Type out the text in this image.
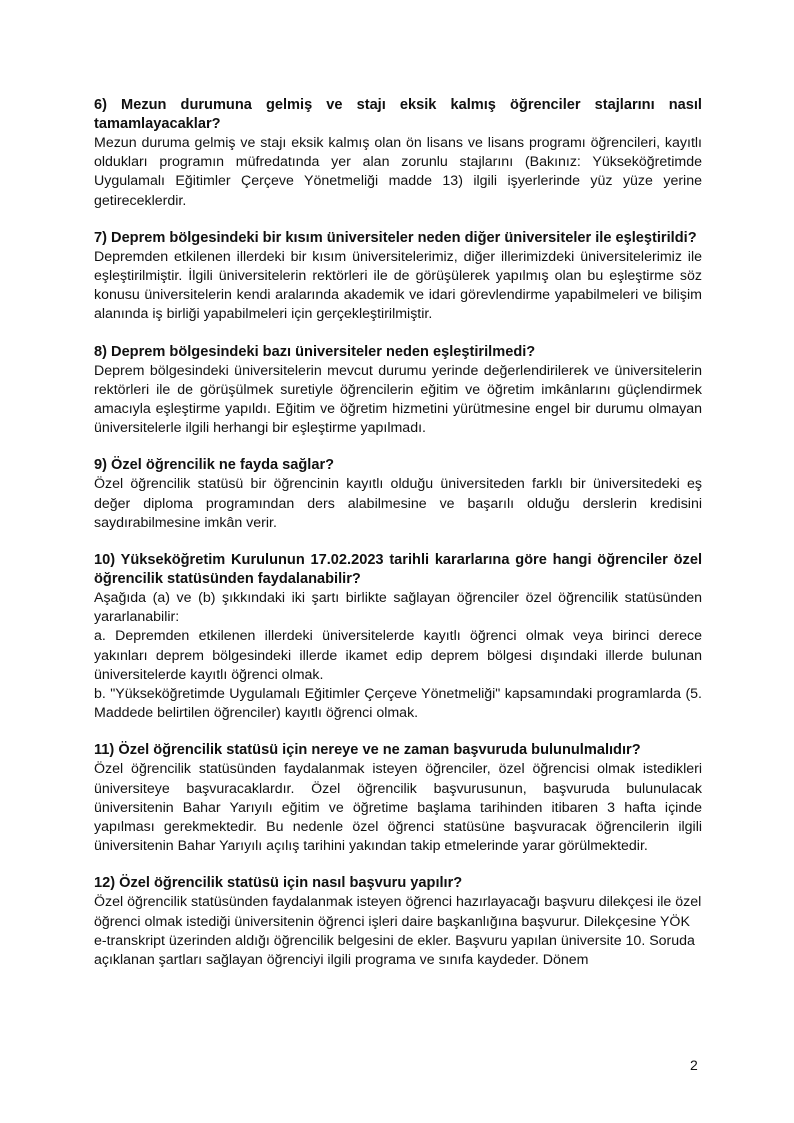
6) Mezun durumuna gelmiş ve stajı eksik kalmış öğrenciler stajlarını nasıl tamamlayacaklar?

Mezun duruma gelmiş ve stajı eksik kalmış olan ön lisans ve lisans programı öğrencileri, kayıtlı oldukları programın müfredatında yer alan zorunlu stajlarını (Bakınız: Yükseköğretimde Uygulamalı Eğitimler Çerçeve Yönetmeliği madde 13) ilgili işyerlerinde yüz yüze yerine getireceklerdir.

7) Deprem bölgesindeki bir kısım üniversiteler neden diğer üniversiteler ile eşleştirildi?

Depremden etkilenen illerdeki bir kısım üniversitelerimiz, diğer illerimizdeki üniversitelerimiz ile eşleştirilmiştir. İlgili üniversitelerin rektörleri ile de görüşülerek yapılmış olan bu eşleştirme söz konusu üniversitelerin kendi aralarında akademik ve idari görevlendirme yapabilmeleri ve bilişim alanında iş birliği yapabilmeleri için gerçekleştirilmiştir.

8) Deprem bölgesindeki bazı üniversiteler neden eşleştirilmedi?

Deprem bölgesindeki üniversitelerin mevcut durumu yerinde değerlendirilerek ve üniversitelerin rektörleri ile de görüşülmek suretiyle öğrencilerin eğitim ve öğretim imkânlarını güçlendirmek amacıyla eşleştirme yapıldı. Eğitim ve öğretim hizmetini yürütmesine engel bir durumu olmayan üniversitelerle ilgili herhangi bir eşleştirme yapılmadı.

9) Özel öğrencilik ne fayda sağlar?

Özel öğrencilik statüsü bir öğrencinin kayıtlı olduğu üniversiteden farklı bir üniversitedeki eş değer diploma programından ders alabilmesine ve başarılı olduğu derslerin kredisini saydırabilmesine imkân verir.

10) Yükseköğretim Kurulunun 17.02.2023 tarihli kararlarına göre hangi öğrenciler özel öğrencilik statüsünden faydalanabilir?

Aşağıda (a) ve (b) şıkkındaki iki şartı birlikte sağlayan öğrenciler özel öğrencilik statüsünden yararlanabilir:

a. Depremden etkilenen illerdeki üniversitelerde kayıtlı öğrenci olmak veya birinci derece yakınları deprem bölgesindeki illerde ikamet edip deprem bölgesi dışındaki illerde bulunan üniversitelerde kayıtlı öğrenci olmak.

b. "Yükseköğretimde Uygulamalı Eğitimler Çerçeve Yönetmeliği" kapsamındaki programlarda (5. Maddede belirtilen öğrenciler) kayıtlı öğrenci olmak.

11) Özel öğrencilik statüsü için nereye ve ne zaman başvuruda bulunulmalıdır?

Özel öğrencilik statüsünden faydalanmak isteyen öğrenciler, özel öğrencisi olmak istedikleri üniversiteye başvuracaklardır. Özel öğrencilik başvurusunun, başvuruda bulunulacak üniversitenin Bahar Yarıyılı eğitim ve öğretime başlama tarihinden itibaren 3 hafta içinde yapılması gerekmektedir. Bu nedenle özel öğrenci statüsüne başvuracak öğrencilerin ilgili üniversitenin Bahar Yarıyılı açılış tarihini yakından takip etmelerinde yarar görülmektedir.

12) Özel öğrencilik statüsü için nasıl başvuru yapılır?

Özel öğrencilik statüsünden faydalanmak isteyen öğrenci hazırlayacağı başvuru dilekçesi ile özel öğrenci olmak istediği üniversitenin öğrenci işleri daire başkanlığına başvurur. Dilekçesine YÖK e-transkript üzerinden aldığı öğrencilik belgesini de ekler. Başvuru yapılan üniversite 10. Soruda açıklanan şartları sağlayan öğrenciyi ilgili programa ve sınıfa kaydeder. Dönem

2
